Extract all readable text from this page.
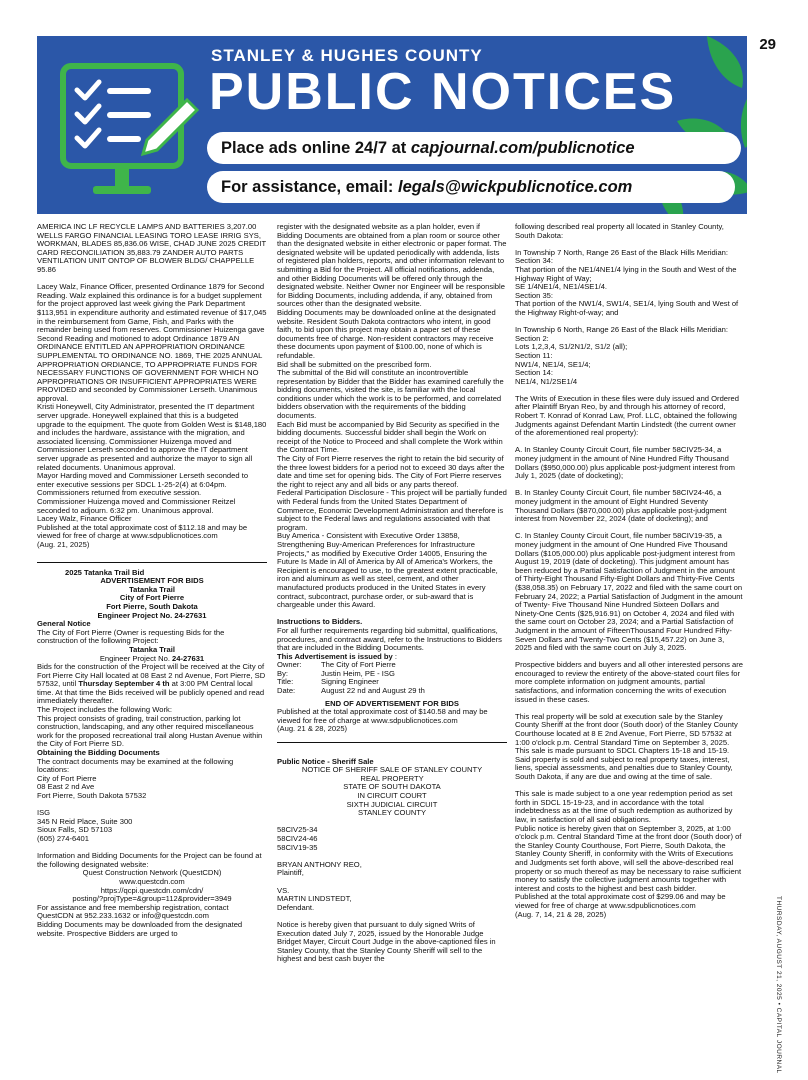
29
STANLEY & HUGHES COUNTY
PUBLIC NOTICES
Place ads online 24/7 at capjournal.com/publicnotice
For assistance, email: legals@wickpublicnotice.com

AMERICA INC LF RECYCLE LAMPS AND BATTERIES 3,207.00 WELLS FARGO FINANCIAL LEASING TORO LEASE IRRIG SYS, WORKMAN, BLADES 85,836.06 WISE, CHAD JUNE 2025 CREDIT CARD RECONCILIATION 35,883.79 ZANDER AUTO PARTS VENTILATION UNIT ONTOP OF BLOWER BLDG/ CHAPPELLE 95.86

Lacey Walz, Finance Officer, presented Ordinance 1879 for Second Reading. Walz explained this ordinance is for a budget supplement for the project approved last week giving the Park Department $113,951 in expenditure authority and estimated revenue of $17,045 in the reimbursement from Game, Fish, and Parks with the remainder being used from reserves. Commissioner Huizenga gave Second Reading and motioned to adopt Ordinance 1879 AN ORDINANCE ENTITLED AN APPROPRIATION ORDINANCE SUPPLEMENTAL TO ORDINANCE NO. 1869, THE 2025 ANNUAL APPROPRIATION ORDIANCE, TO APPROPRIATE FUNDS FOR NECESSARY FUNCTIONS OF GOVERNMENT FOR WHICH NO APPROPRIATIONS OR INSUFFICIENT APPROPRIATES WERE PROVIDED and seconded by Commissioner Lerseth. Unanimous approval.
Kristi Honeywell, City Administrator, presented the IT department server upgrade. Honeywell explained that this is a budgeted upgrade to the equipment. The quote from Golden West is $148,180 and includes the hardware, assistance with the migration, and associated licensing. Commissioner Huizenga moved and Commissioner Lerseth seconded to approve the IT department server upgrade as presented and authorize the mayor to sign all related documents. Unanimous approval.
Mayor Harding moved and Commissioner Lerseth seconded to enter executive sessions per SDCL 1-25-2(4) at 6:04pm.
Commissioners returned from executive session.
Commissioner Huizenga moved and Commissioner Reitzel seconded to adjourn. 6:32 pm. Unanimous approval.
Lacey Walz, Finance Officer
Published at the total approximate cost of $112.18 and may be viewed for free of charge at www.sdpublicnotices.com
(Aug. 21, 2025)

2025 Tatanka Trail Bid

ADVERTISEMENT FOR BIDS

Tatanka Trail

City of Fort Pierre

Fort Pierre, South Dakota

Engineer Project No. 24-27631

General Notice

The City of Fort Pierre (Owner is requesting Bids for the construction of the following Project:

Tatanka Trail

Engineer Project No. 24-27631

Bids for the construction of the Project will be received at the City of Fort Pierre City Hall located at 08 East 2 nd Avenue, Fort Pierre, SD 57532, until Thursday September 4 th at 3:00 PM Central local time. At that time the Bids received will be publicly opened and read immediately thereafter.

The Project includes the following Work:
This project consists of grading, trail construction, parking lot construction, landscaping, and any other required miscellaneous work for the proposed recreational trail along Hustan Avenue within the City of Fort Pierre SD.

Obtaining the Bidding Documents

The contract documents may be examined at the following locations:
City of Fort Pierre
08 East 2 nd Ave
Fort Pierre, South Dakota 57532

ISG
345 N Reid Place, Suite 300
Sioux Falls, SD 57103
(605) 274-6401

Information and Bidding Documents for the Project can be found at the following designated website:

Quest Construction Network (QuestCDN)
www.questcdn.com
https://qcpi.questcdn.com/cdn/
posting/?projType=&group=112&provider=3949

For assistance and free membership registration, contact QuestCDN at 952.233.1632 or info@questcdn.com
Bidding Documents may be downloaded from the designated website. Prospective Bidders are urged to

register with the designated website as a plan holder, even if Bidding Documents are obtained from a plan room or source other than the designated website in either electronic or paper format. The designated website will be updated periodically with addenda, lists of registered plan holders, reports, and other information relevant to submitting a Bid for the Project. All official notifications, addenda, and other Bidding Documents will be offered only through the designated website. Neither Owner nor Engineer will be responsible for Bidding Documents, including addenda, if any, obtained from sources other than the designated website.
Bidding Documents may be downloaded online at the designated website. Resident South Dakota contractors who intent, in good faith, to bid upon this project may obtain a paper set of these documents free of charge. Non-resident contractors may receive these documents upon payment of $100.00, none of which is refundable.
Bid shall be submitted on the prescribed form.
The submittal of the Bid will constitute an incontrovertible representation by Bidder that the Bidder has examined carefully the bidding documents, visited the site, is familiar with the local conditions under which the work is to be performed, and correlated bidders observation with the requirements of the bidding documents.
Each Bid must be accompanied by Bid Security as specified in the bidding documents. Successful bidder shall begin the Work on receipt of the Notice to Proceed and shall complete the Work within the Contract Time.
The City of Fort Pierre reserves the right to retain the bid security of the three lowest bidders for a period not to exceed 30 days after the date and time set for opening bids. The City of Fort Pierre reserves the right to reject any and all bids or any parts thereof.
Federal Participation Disclosure - This project will be partially funded with Federal funds from the United States Department of Commerce, Economic Development Administration and therefore is subject to the Federal laws and regulations associated with that program.
Buy America - Consistent with Executive Order 13858, Strengthening Buy-American Preferences for Infrastructure Projects," as modified by Executive Order 14005, Ensuring the Future Is Made in All of America by All of America's Workers, the Recipient is encouraged to use, to the greatest extent practicable, iron and aluminum as well as steel, cement, and other manufactured products produced in the United States in every contract, subcontract, purchase order, or sub-award that is chargeable under this Award.

Instructions to Bidders.

For all further requirements regarding bid submittal, qualifications, procedures, and contract award, refer to the Instructions to Bidders that are included in the Bidding Documents.

This Advertisement is issued by :

Owner:	The City of Fort Pierre
By:	Justin Heim, PE - ISG
Title:	Signing Engineer
Date:	August 22 nd and August 29 th

END OF ADVERTISEMENT FOR BIDS

Published at the total approximate cost of $140.58 and may be viewed for free of charge at www.sdpublicnotices.com
(Aug. 21 & 28, 2025)

Public Notice - Sheriff Sale

NOTICE OF SHERIFF SALE OF STANLEY COUNTY
REAL PROPERTY
STATE OF SOUTH DAKOTA
IN CIRCUIT COURT
SIXTH JUDICIAL CIRCUIT
STANLEY COUNTY

58CIV25-34
58CIV24-46
58CIV19-35

BRYAN ANTHONY REO,
Plaintiff,

VS.
MARTIN LINDSTEDT,
Defendant.

Notice is hereby given that pursuant to duly signed Writs of Execution dated July 7, 2025, issued by the Honorable Judge Bridget Mayer, Circuit Court Judge in the above-captioned files in Stanley County, that the Stanley County Sheriff will sell to the highest and best cash buyer the

following described real property all located in Stanley County, South Dakota:

In Township 7 North, Range 26 East of the Black Hills Meridian:
Section 34:
That portion of the NE1/4NE1/4 lying in the South and West of the Highway Right of Way;
SE 1/4NE1/4, NE1/4SE1/4.
Section 35:
That portion of the NW1/4, SW1/4, SE1/4, lying South and West of the Highway Right-of-way; and

In Township 6 North, Range 26 East of the Black Hills Meridian:
Section 2:
Lots 1,2,3,4, S1/2N1/2, S1/2 (all);
Section 11:
NW1/4, NE1/4, SE1/4;
Section 14:
NE1/4, N1/2SE1/4

The Writs of Execution in these files were duly issued and Ordered after Plaintiff Bryan Reo, by and through his attorney of record, Robert T. Konrad of Konrad Law, Prof. LLC, obtained the following Judgments against Defendant Martin Lindstedt (the current owner of the aforementioned real property):

A. In Stanley County Circuit Court, file number 58CIV25-34, a money judgment in the amount of Nine Hundred Fifty Thousand Dollars ($950,000.00) plus applicable post-judgment interest from July 1, 2025 (date of docketing);

B. In Stanley County Circuit Court, file number 58CIV24-46, a money judgment in the amount of Eight Hundred Seventy Thousand Dollars ($870,000.00) plus applicable post-judgment interest from November 22, 2024 (date of docketing); and

C. In Stanley County Circuit Court, file number 58CIV19-35, a money judgment in the amount of One Hundred Five Thousand Dollars ($105,000.00) plus applicable post-judgment interest from August 19, 2019 (date of docketing). This judgment amount has been reduced by a Partial Satisfaction of Judgment in the amount of Thirty-Eight Thousand Fifty-Eight Dollars and Thirty-Five Cents ($38,058.35) on February 17, 2022 and filed with the same court on February 24, 2022; a Partial Satisfaction of Judgment in the amount of Twenty- Five Thousand Nine Hundred Sixteen Dollars and Ninety-One Cents ($25,916.91) on October 4, 2024 and filed with the same court on October 23, 2024; and a Partial Satisfaction of Judgment in the amount of FifteenThousand Four Hundred Fifty-Seven Dollars and Twenty-Two Cents ($15,457.22) on June 3, 2025 and filed with the same court on July 3, 2025.

Prospective bidders and buyers and all other interested persons are encouraged to review the entirety of the above-stated court files for more complete information on judgment amounts, partial satisfactions, and information concerning the writs of execution issued in these cases.

This real property will be sold at execution sale by the Stanley County Sheriff at the front door (South door) of the Stanley County Courthouse located at 8 E 2nd Avenue, Fort Pierre, SD 57532 at 1:00 o'clock p.m. Central Standard Time on September 3, 2025.
This sale is made pursuant to SDCL Chapters 15-18 and 15-19. Said property is sold and subject to real property taxes, interest, liens, special assessments, and penalties due to Stanley County, South Dakota, if any are due and owing at the time of sale.

This sale is made subject to a one year redemption period as set forth in SDCL 15-19-23, and in accordance with the total indebtedness as at the time of such redemption as authorized by law, in satisfaction of all said obligations.
Public notice is hereby given that on September 3, 2025, at 1:00 o'clock p.m. Central Standard Time at the front door (South door) of the Stanley County Courthouse, Fort Pierre, South Dakota, the Stanley County Sheriff, in conformity with the Writs of Executions and Judgments set forth above, will sell the above-described real property or so much thereof as may be necessary to raise sufficient money to satisfy the collective judgment amounts together with interest and costs to the highest and best cash bidder.
Published at the total approximate cost of $299.06 and may be viewed for free of charge at www.sdpublicnotices.com
(Aug. 7, 14, 21 & 28, 2025)	THURSDAY, AUGUST 21, 2025 • CAPITAL JOURNAL
